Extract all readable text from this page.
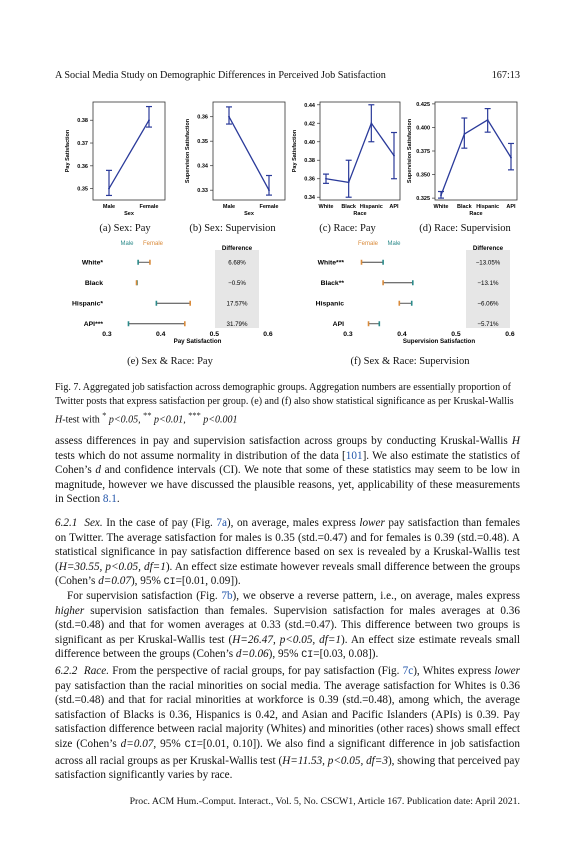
A Social Media Study on Demographic Differences in Perceived Job Satisfaction	167:13
0.35
0.36
0.37
0.38
Male	Female
Sex
Pay Satisfaction
0.33
0.34
0.35
0.36
Male	Female
Sex
Supervision Satisfaction
0.34
0.36
0.38
0.40
0.42
0.44
White Black Hispanic API
Race
Pay Satisfaction
0.325
0.350
0.375
0.400
0.425
White Black Hispanic API
Race
Supervision Satisfaction
(a) Sex: Pay	(b) Sex: Supervision	(c) Race: Pay	(d) Race: Supervision
Male Female
Difference
White*	6.68%
Black	−0.5%
Hispanic*	17.57%
API***	31.79%
0.3	0.4	0.5	0.6
Pay Satisfaction
Female Male
Difference
White***	−13.05%
Black**	−13.1%
Hispanic	−6.06%
API	−5.71%
0.3	0.4	0.5	0.6
Supervision Satisfaction
(e) Sex & Race: Pay	(f) Sex & Race: Supervision
Fig. 7. Aggregated job satisfaction across demographic groups. Aggregation numbers are essentially proportion of Twitter posts that express satisfaction per group. (e) and (f) also show statistical significance as per Kruskal-Wallis H-test with * p<0.05, ** p<0.01, *** p<0.001

assess differences in pay and supervision satisfaction across groups by conducting Kruskal-Wallis H tests which do not assume normality in distribution of the data [101]. We also estimate the statistics of Cohen’s d and confidence intervals (CI). We note that some of these statistics may seem to be low in magnitude, however we have discussed the plausible reasons, yet, applicability of these measurements in Section 8.1.

6.2.1 Sex. In the case of pay (Fig. 7a), on average, males express lower pay satisfaction than females on Twitter. The average satisfaction for males is 0.35 (std.=0.47) and for females is 0.39 (std.=0.48). A statistical significance in pay satisfaction difference based on sex is revealed by a Kruskal-Wallis test (H=30.55, p<0.05, df=1). An effect size estimate however reveals small difference between the groups (Cohen’s d=0.07), 95% CI=[0.01, 0.09]).

For supervision satisfaction (Fig. 7b), we observe a reverse pattern, i.e., on average, males express higher supervision satisfaction than females. Supervision satisfaction for males averages at 0.36 (std.=0.48) and that for women averages at 0.33 (std.=0.47). This difference between two groups is significant as per Kruskal-Wallis test (H=26.47, p<0.05, df=1). An effect size estimate reveals small difference between the groups (Cohen’s d=0.06), 95% CI=[0.03, 0.08]).

6.2.2 Race. From the perspective of racial groups, for pay satisfaction (Fig. 7c), Whites express lower pay satisfaction than the racial minorities on social media. The average satisfaction for Whites is 0.36 (std.=0.48) and that for racial minorities at workforce is 0.39 (std.=0.48), among which, the average satisfaction of Blacks is 0.36, Hispanics is 0.42, and Asian and Pacific Islanders (APIs) is 0.39. Pay satisfaction difference between racial majority (Whites) and minorities (other races) shows small effect size (Cohen’s d=0.07, 95% CI=[0.01, 0.10]). We also find a significant difference in job satisfaction across all racial groups as per Kruskal-Wallis test (H=11.53, p<0.05, df=3), showing that perceived pay satisfaction significantly varies by race.

Proc. ACM Hum.-Comput. Interact., Vol. 5, No. CSCW1, Article 167. Publication date: April 2021.
